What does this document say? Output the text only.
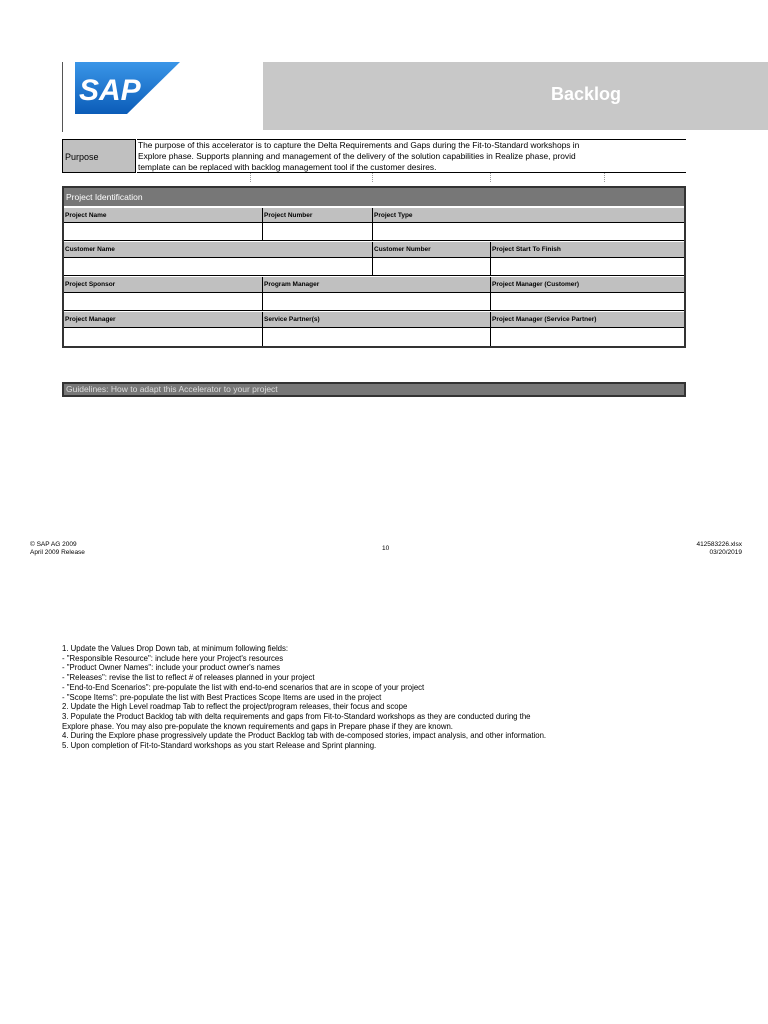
SAP	Backlog
Purpose
The purpose of this accelerator is to capture the Delta Requirements and Gaps during the Fit-to-Standard workshops in
Explore phase. Supports planning and management of the delivery of the solution capabilities in Realize phase, provid
template can be replaced with backlog management tool if the customer desires.
Project Identification
Project Name	Project Number	Project Type
Customer Name	Customer Number	Project Start To Finish
Project Sponsor	Program Manager	Project Manager (Customer)
Project Manager	Service Partner(s)	Project Manager (Service Partner)
Guidelines: How to adapt this Accelerator to your project
© SAP AG 2009
April 2009 Release
10
412583226.xlsx
03/20/2019
1. Update the Values Drop Down tab, at minimum following fields:
- "Responsible Resource": include here your Project's resources
- "Product Owner Names": include your product owner's names
- "Releases": revise the list to reflect # of releases planned in your project
- "End-to-End Scenarios": pre-populate the list with end-to-end scenarios that are in scope of your project
- "Scope Items": pre-populate the list with Best Practices Scope Items are used in the project
2. Update the High Level roadmap Tab to reflect the project/program releases, their focus and scope
3. Populate the Product Backlog tab with delta requirements and gaps from Fit-to-Standard workshops as they are conducted during the
Explore phase. You may also pre-populate the known requirements and gaps in Prepare phase if they are known.
4. During the Explore phase progressively update the Product Backlog tab with de-composed stories, impact analysis, and other information.
5. Upon completion of Fit-to-Standard workshops as you start Release and Sprint planning.
